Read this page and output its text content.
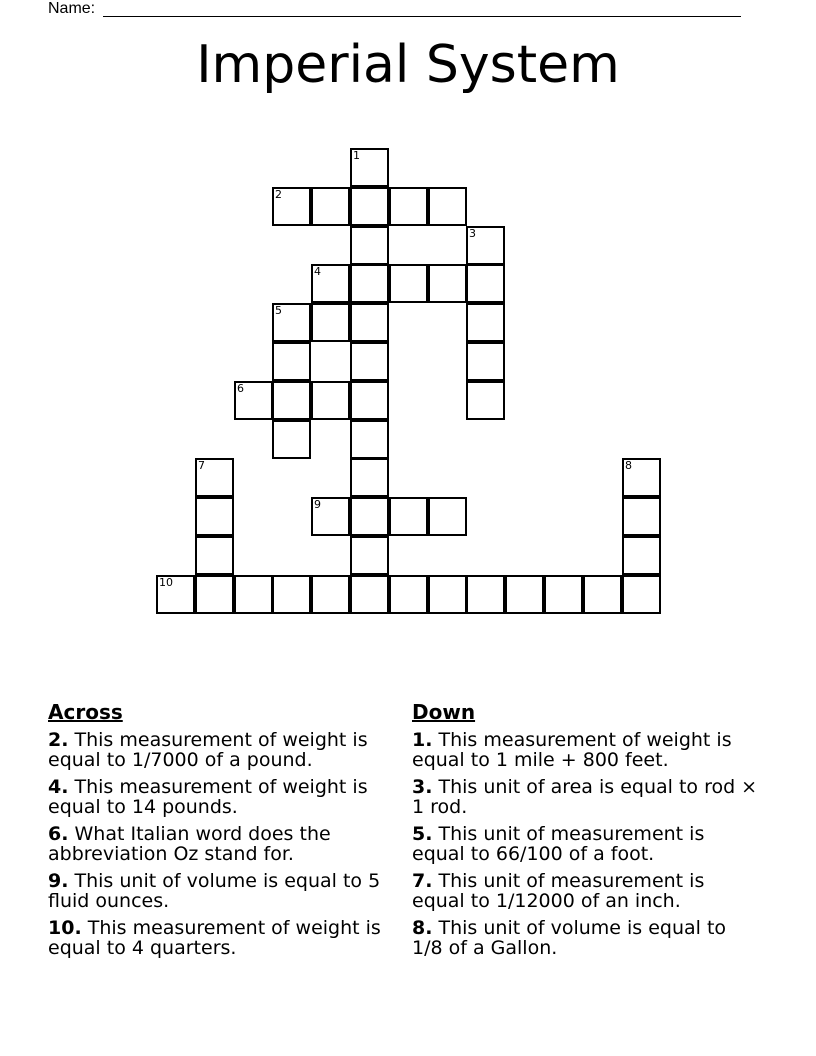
Name:
Imperial System
1
2
3
4
5
6
7	8
9
10
Across
2. This measurement of weight is equal to 1/7000 of a pound.
4. This measurement of weight is equal to 14 pounds.
6. What Italian word does the abbreviation Oz stand for.
9. This unit of volume is equal to 5 fluid ounces.
10. This measurement of weight is equal to 4 quarters.
Down
1. This measurement of weight is equal to 1 mile + 800 feet.
3. This unit of area is equal to rod × 1 rod.
5. This unit of measurement is equal to 66/100 of a foot.
7. This unit of measurement is equal to 1/12000 of an inch.
8. This unit of volume is equal to 1/8 of a Gallon.
